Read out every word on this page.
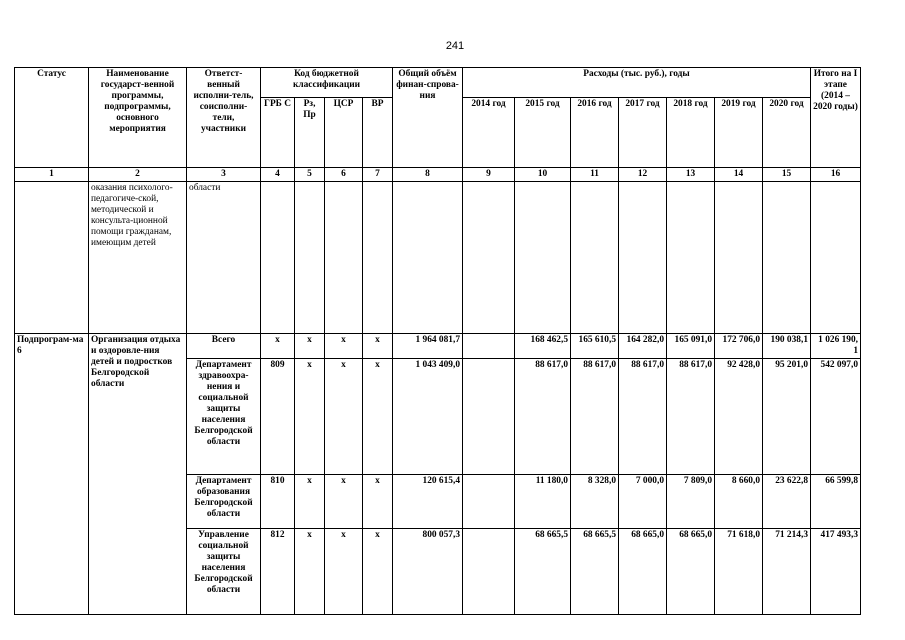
241
Статус	Наименование государст-венной программы, подпрограммы, основного мероприятия	Ответст-венный исполни-тель, соисполни-тели, участники	Код бюджетной классификации				Общий объём финан-спрова-ния	Расходы (тыс. руб.), годы							Итого на I этапе (2014 – 2020 годы)
			ГРБ С	Рз, Пр	ЦСР	ВР		2014 год	2015 год	2016 год	2017 год	2018 год	2019 год	2020 год	
1	2	3	4	5	6	7	8	9	10	11	12	13	14	15	16
	оказания психолого-педагогиче-ской, методической и консульта-ционной помощи гражданам, имеющим детей	области													
Подпрограм-ма 6	Организация отдыха и оздоровле-ния детей и подростков Белгородской области	Всего	х	х	х	х	1 964 081,7		168 462,5	165 610,5	164 282,0	165 091,0	172 706,0	190 038,1	1 026 190, 1
		Департамент здравоохра-нения и социальной защиты населения Белгородской области	809	х	х	х	1 043 409,0		88 617,0	88 617,0	88 617,0	88 617,0	92 428,0	95 201,0	542 097,0
		Департамент образования Белгородской области	810	х	х	х	120 615,4		11 180,0	8 328,0	7 000,0	7 809,0	8 660,0	23 622,8	66 599,8
		Управление социальной защиты населения Белгородской области	812	х	х	х	800 057,3		68 665,5	68 665,5	68 665,0	68 665,0	71 618,0	71 214,3	417 493,3
